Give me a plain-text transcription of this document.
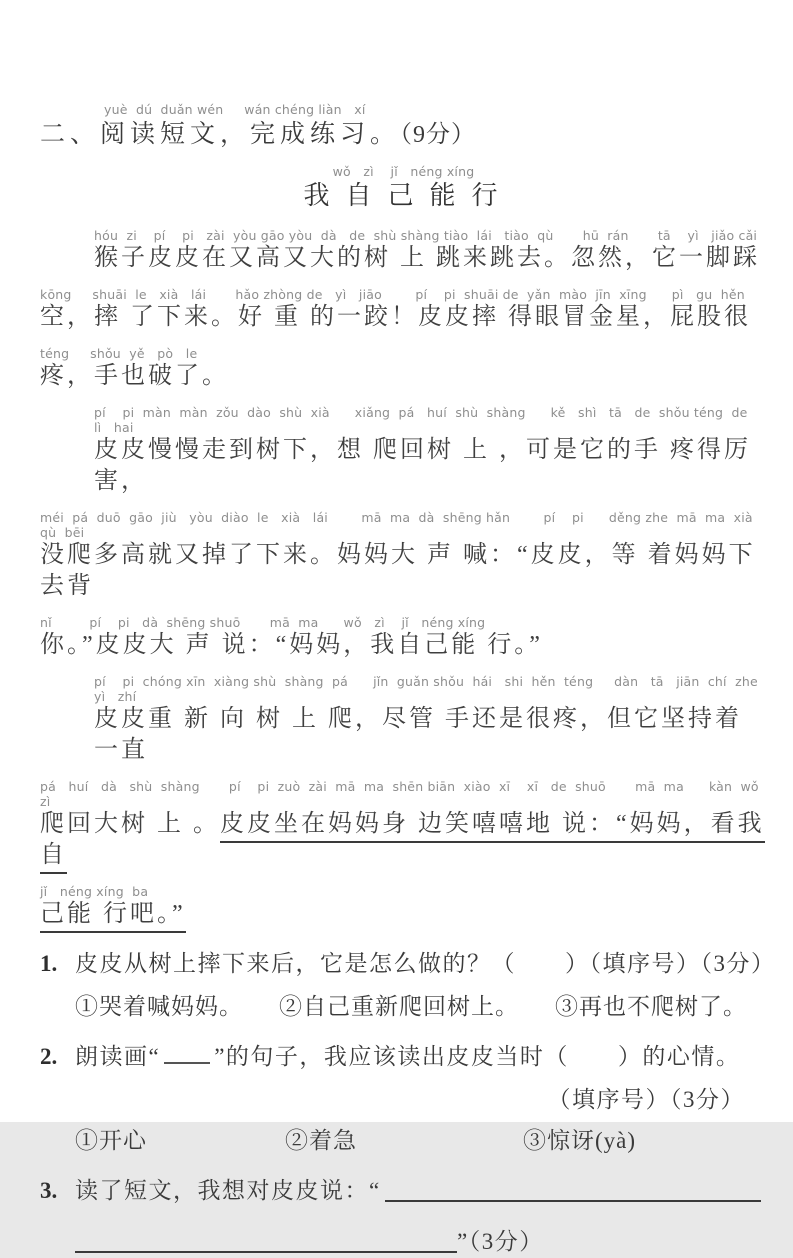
yuè  dú  duǎn wén     wán chéng liàn   xí
二、阅读短文，完成练习。（9分）
wǒ   zì    jǐ   néng xíng
我自己能行
hóu  zi    pí    pi   zài  yòu gāo yòu  dà   de  shù shàng tiào  lái   tiào  qù       hū  rán       tā    yì   jiǎo cǎi
猴子皮皮在又高又大的树 上 跳来跳去。忽然，它一脚踩
kōng     shuāi  le   xià   lái       hǎo zhòng de   yì   jiāo        pí    pi  shuāi de  yǎn  mào  jīn  xīng      pì   gu  hěn
空，摔 了下来。好 重 的一跤！皮皮摔 得眼冒金星，屁股很
téng     shǒu  yě   pò   le
疼，手也破了。
pí    pi  màn  màn  zǒu  dào  shù  xià      xiǎng  pá   huí  shù  shàng      kě   shì   tā   de  shǒu téng  de    lì   hai
皮皮慢慢走到树下，想 爬回树 上 ，可是它的手 疼得厉害，
méi  pá  duō  gāo  jiù   yòu  diào  le   xià   lái        mā  ma  dà  shēng hǎn        pí    pi      děng zhe  mā  ma  xià   qù  bēi
没爬多高就又掉了下来。妈妈大 声 喊：“皮皮，等 着妈妈下去背
nǐ         pí    pi   dà  shēng shuō       mā  ma      wǒ   zì    jǐ   néng xíng
你。”皮皮大 声 说：“妈妈，我自己能 行。”
pí    pi  chóng xīn  xiàng shù  shàng  pá      jǐn  guǎn shǒu  hái   shi  hěn  téng     dàn   tā   jiān  chí  zhe   yì   zhí
皮皮重 新 向 树 上 爬，尽管 手还是很疼，但它坚持着一直
pá   huí   dà   shù  shàng       pí    pi  zuò  zài  mā  ma  shēn biān  xiào  xī    xī   de  shuō       mā  ma      kàn  wǒ   zì
爬回大树 上 。皮皮坐在妈妈身 边笑嘻嘻地 说：“妈妈，看我自
jǐ   néng xíng  ba
己能 行吧。”
1. 皮皮从树上摔下来后，它是怎么做的？（　　）（填序号）（3分）
①哭着喊妈妈。 ②自己重新爬回树上。 ③再也不爬树了。
2. 朗读画“ ”的句子，我应该读出皮皮当时（　　）的心情。
（填序号）（3分）
①开心	②着急	③惊讶(yà)
3. 读了短文，我想对皮皮说：“
”（3分）
